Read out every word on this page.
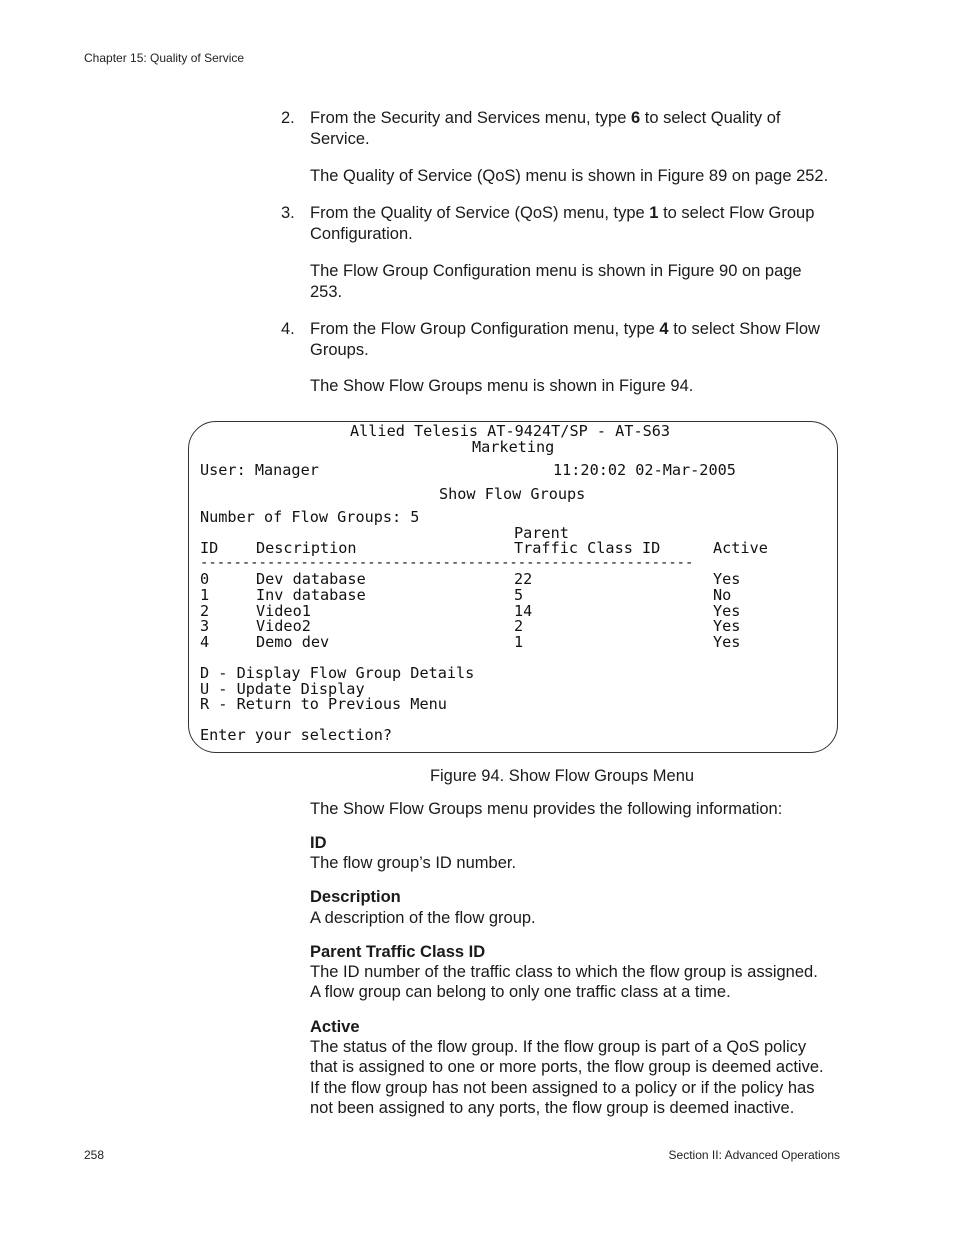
Chapter 15: Quality of Service
2. From the Security and Services menu, type 6 to select Quality of Service.
The Quality of Service (QoS) menu is shown in Figure 89 on page 252.
3. From the Quality of Service (QoS) menu, type 1 to select Flow Group Configuration.
The Flow Group Configuration menu is shown in Figure 90 on page 253.
4. From the Flow Group Configuration menu, type 4 to select Show Flow Groups.
The Show Flow Groups menu is shown in Figure 94.
Allied Telesis AT-9424T/SP - AT-S63
Marketing
User: Manager	11:20:02 02-Mar-2005
Show Flow Groups
Number of Flow Groups: 5
Parent
ID Description	Traffic Class ID	Active
-----------------------------------------------------------
0	Dev database	22	Yes
1	Inv database	5	No
2	Video1	14	Yes
3	Video2	2	Yes
4	Demo dev	1	Yes
D - Display Flow Group Details
U - Update Display
R - Return to Previous Menu
Enter your selection?
Figure 94. Show Flow Groups Menu
The Show Flow Groups menu provides the following information:
ID
The flow group’s ID number.
Description
A description of the flow group.
Parent Traffic Class ID
The ID number of the traffic class to which the flow group is assigned.
A flow group can belong to only one traffic class at a time.
Active
The status of the flow group. If the flow group is part of a QoS policy
that is assigned to one or more ports, the flow group is deemed active.
If the flow group has not been assigned to a policy or if the policy has
not been assigned to any ports, the flow group is deemed inactive.
258	Section II: Advanced Operations
